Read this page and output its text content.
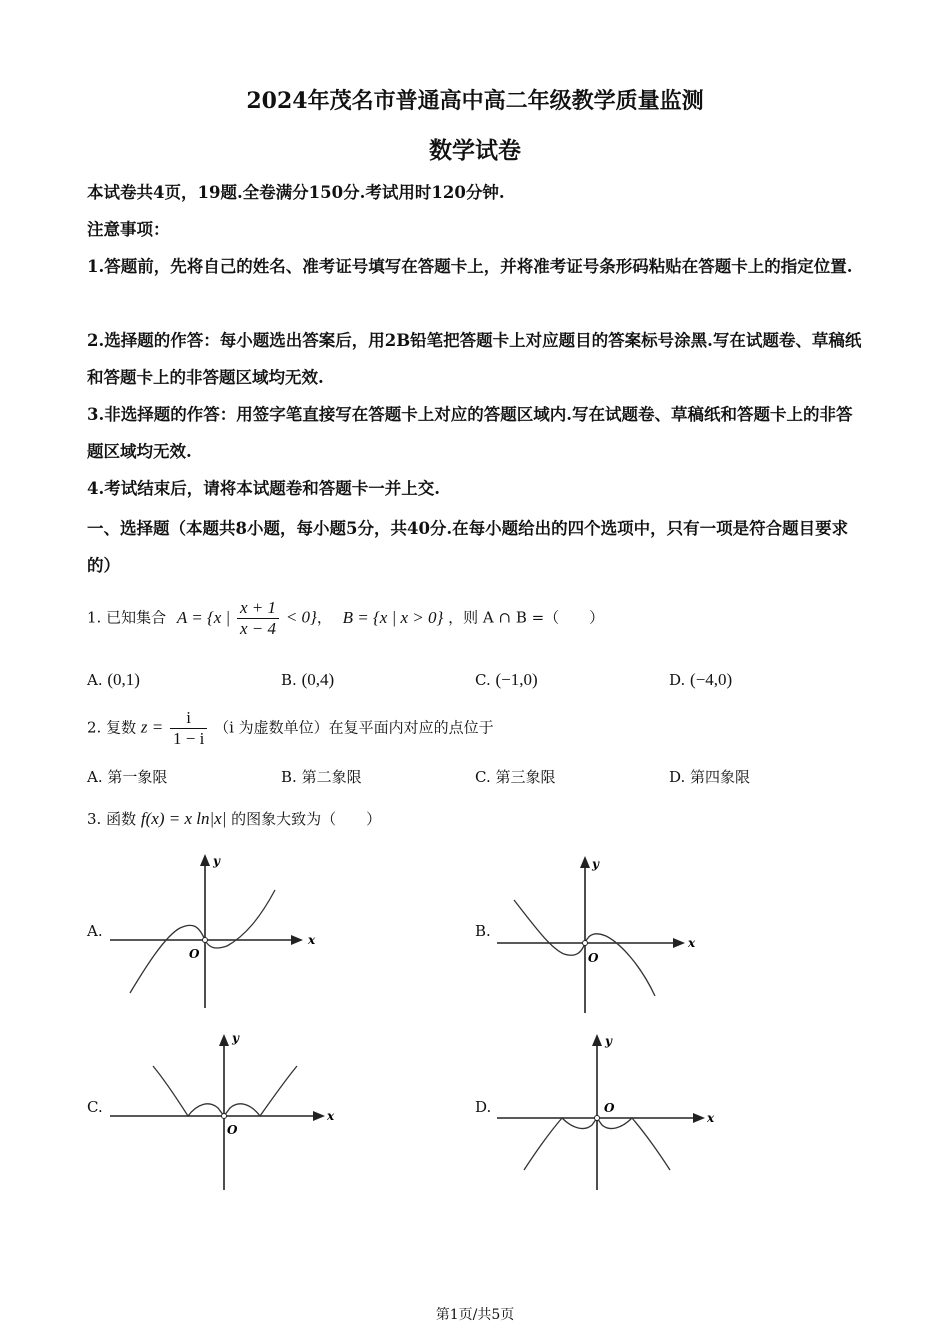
2024年茂名市普通高中高二年级教学质量监测
数学试卷
本试卷共4页，19题.全卷满分150分.考试用时120分钟.
注意事项：
1.答题前，先将自己的姓名、准考证号填写在答题卡上，并将准考证号条形码粘贴在答题卡上的指定位置.
2.选择题的作答：每小题选出答案后，用2B铅笔把答题卡上对应题目的答案标号涂黑.写在试题卷、草稿纸和答题卡上的非答题区域均无效.
3.非选择题的作答：用签字笔直接写在答题卡上对应的答题区域内.写在试题卷、草稿纸和答题卡上的非答题区域均无效.
4.考试结束后，请将本试题卷和答题卡一并上交.
一、选择题（本题共8小题，每小题5分，共40分.在每小题给出的四个选项中，只有一项是符合题目要求的）
1. 已知集合 A = {x | $\frac{x + 1}{x - 4} < 0$}， B = {x | x > 0} ，则 A ∩ B =（　　）
A. (0,1)	B. (0,4)	C. (−1,0)	D. (−4,0)
2. 复数 $z = \frac{i}{1 - i} (i$ 为虚数单位）在复平面内对应的点位于
A. 第一象限	B. 第二象限	C. 第三象限	D. 第四象限
3. 函数 f(x) = x ln|x| 的图象大致为（　　）
A.	x
y
O
B.
x
y
O
C.	x
y
O
D.
x
y
O
第1页/共5页
